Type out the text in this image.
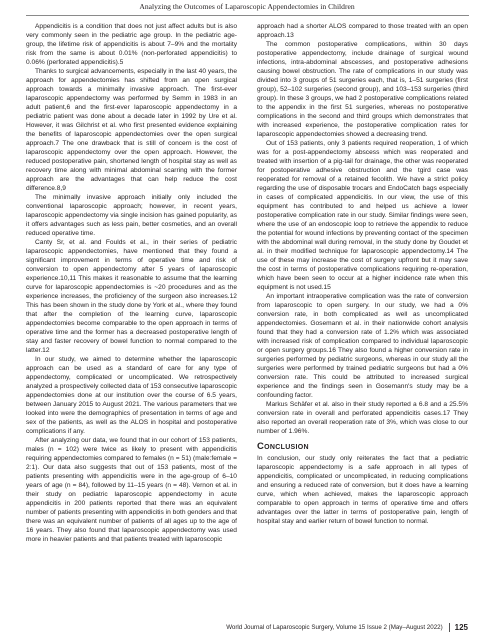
Analyzing the Outcomes of Laparoscopic Appendectomies in Children

Appendicitis is a condition that does not just affect adults but is also very commonly seen in the pediatric age group. In the pediatric age-group, the lifetime risk of appendicitis is about 7–9% and the mortality risk from the same is about 0.01% (non-perforated appendicitis) to 0.06% (perforated appendicitis).5

Thanks to surgical advancements, especially in the last 40 years, the approach for appendectomies has shifted from an open surgical approach towards a minimally invasive approach. The first-ever laparoscopic appendectomy was performed by Semm in 1983 in an adult patient,6 and the first-ever laparoscopic appendectomy in a pediatric patient was done about a decade later in 1992 by Ure et al. However, it was Gilchrist et al. who first presented evidence explaining the benefits of laparoscopic appendectomies over the open surgical approach.7 The one drawback that is still of concern is the cost of laparoscopic appendectomy over the open approach. However, the reduced postoperative pain, shortened length of hospital stay as well as recovery time along with minimal abdominal scarring with the former approach are the advantages that can help reduce the cost difference.8,9

The minimally invasive approach initially only included the conventional laparoscopic approach; however, in recent years, laparoscopic appendectomy via single incision has gained popularity, as it offers advantages such as less pain, better cosmetics, and an overall reduced operative time.

Canty Sr, et al. and Foulds et al., in their series of pediatric laparoscopic appendectomies, have mentioned that they found a significant improvement in terms of operative time and risk of conversion to open appendectomy after 5 years of laparoscopic experience.10,11 This makes it reasonable to assume that the learning curve for laparoscopic appendectomies is ~20 procedures and as the experience increases, the proficiency of the surgeon also increases.12 This has been shown in the study done by York et al., where they found that after the completion of the learning curve, laparoscopic appendectomies become comparable to the open approach in terms of operative time and the former has a decreased postoperative length of stay and faster recovery of bowel function to normal compared to the latter.12

In our study, we aimed to determine whether the laparoscopic approach can be used as a standard of care for any type of appendectomy, complicated or uncomplicated. We retrospectively analyzed a prospectively collected data of 153 consecutive laparoscopic appendectomies done at our institution over the course of 6.5 years, between January 2015 to August 2021. The various parameters that we looked into were the demographics of presentation in terms of age and sex of the patients, as well as the ALOS in hospital and postoperative complications if any.

After analyzing our data, we found that in our cohort of 153 patients, males (n = 102) were twice as likely to present with appendicitis requiring appendectomies compared to females (n = 51) (male:female = 2:1). Our data also suggests that out of 153 patients, most of the patients presenting with appendicitis were in the age-group of 6–10 years of age (n = 84), followed by 11–15 years (n = 48). Vernon et al. in their study on pediatric laparoscopic appendectomy in acute appendicitis in 200 patients reported that there was an equivalent number of patients presenting with appendicitis in both genders and that there was an equivalent number of patients of all ages up to the age of 16 years. They also found that laparoscopic appendectomy was used more in heavier patients and that patients treated with laparoscopic

approach had a shorter ALOS compared to those treated with an open approach.13

The common postoperative complications, within 30 days postoperative appendectomy, include drainage of surgical wound infections, intra-abdominal abscesses, and postoperative adhesions causing bowel obstruction. The rate of complications in our study was divided into 3 groups of 51 surgeries each, that is, 1–51 surgeries (first group), 52–102 surgeries (second group), and 103–153 surgeries (third group). In these 3 groups, we had 2 postoperative complications related to the appendix in the first 51 surgeries, whereas no postoperative complications in the second and third groups which demonstrates that with increased experience, the postoperative complication rates for laparoscopic appendectomies showed a decreasing trend.

Out of 153 patients, only 3 patients required reoperation, 1 of which was for a post-appendectomy abscess which was reoperated and treated with insertion of a pig-tail for drainage, the other was reoperated for postoperative adhesive obstruction and the tgird case was reoperated for removal of a retained fecolith. We have a strict policy regarding the use of disposable trocars and EndoCatch bags especially in cases of complicated appendicitis. In our view, the use of this equipment has contributed to and helped us achieve a lower postoperative complication rate in our study. Similar findings were seen, where the use of an endoscopic loop to retrieve the appendix to reduce the potential for wound infections by preventing contact of the specimen with the abdominal wall during removal, in the study done by Goudet et al. in their modified technique for laparoscopic appendectomy.14 The use of these may increase the cost of surgery upfront but it may save the cost in terms of postoperative complications requiring re-operation, which have been seen to occur at a higher incidence rate when this equipment is not used.15

An important intraoperative complication was the rate of conversion from laparoscopic to open surgery. In our study, we had a 0% conversion rate, in both complicated as well as uncomplicated appendectomies. Gosemann et al. in their nationwide cohort analysis found that they had a conversion rate of 1.2% which was associated with increased risk of complication compared to individual laparoscopic or open surgery groups.16 They also found a higher conversion rate in surgeries performed by pediatric surgeons, whereas in our study all the surgeries were performed by trained pediatric surgeons but had a 0% conversion rate. This could be attributed to increased surgical experience and the findings seen in Gosemann's study may be a confounding factor.

Markus Schäfer et al. also in their study reported a 6.8 and a 25.5% conversion rate in overall and perforated appendicitis cases.17 They also reported an overall reoperation rate of 3%, which was close to our number of 1.96%.

Conclusion

In conclusion, our study only reiterates the fact that a pediatric laparoscopic appendectomy is a safe approach in all types of appendicitis, complicated or uncomplicated, in reducing complications and ensuring a reduced rate of conversion, but it does have a learning curve, which when achieved, makes the laparoscopic approach comparable to open approach in terms of operative time and offers advantages over the latter in terms of postoperative pain, length of hospital stay and earlier return of bowel function to normal.

World Journal of Laparoscopic Surgery, Volume 15 Issue 2 (May–August 2022)	125
